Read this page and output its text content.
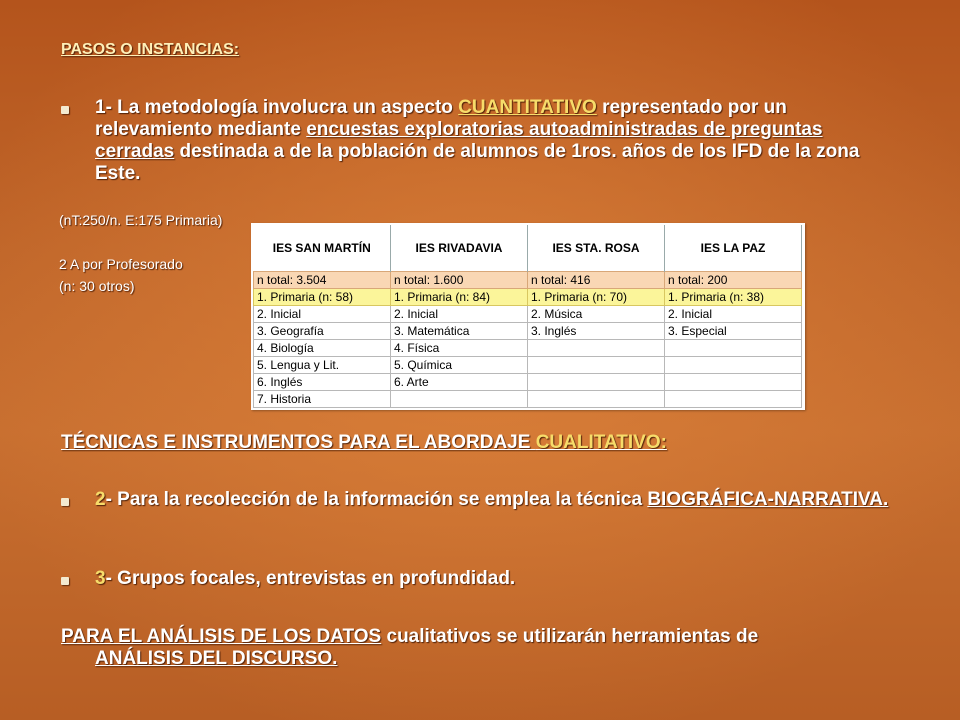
PASOS O INSTANCIAS:
1- La metodología involucra un aspecto CUANTITATIVO representado por un relevamiento mediante encuestas exploratorias autoadministradas de preguntas cerradas destinada a de la población de alumnos de 1ros. años de los IFD de la zona Este.
(nT:250/n. E:175 Primaria)
2 A por Profesorado
(n: 30 otros)
IES SAN MARTÍN	IES RIVADAVIA	IES STA. ROSA	IES LA PAZ
n total: 3.504	n total: 1.600	n total: 416	n total: 200
1. Primaria (n: 58)	1. Primaria (n: 84)	1. Primaria (n: 70)	1. Primaria (n: 38)
2. Inicial	2. Inicial	2. Música	2. Inicial
3. Geografía	3. Matemática	3. Inglés	3. Especial
4. Biología	4. Física		
5. Lengua y Lit.	5. Química		
6. Inglés	6. Arte		
7. Historia			
TÉCNICAS E INSTRUMENTOS PARA EL ABORDAJE CUALITATIVO:
2- Para la recolección de la información se emplea la técnica BIOGRÁFICA-NARRATIVA.
3- Grupos focales, entrevistas en profundidad.
PARA EL ANÁLISIS DE LOS DATOS cualitativos se utilizarán herramientas de
ANÁLISIS DEL DISCURSO.
